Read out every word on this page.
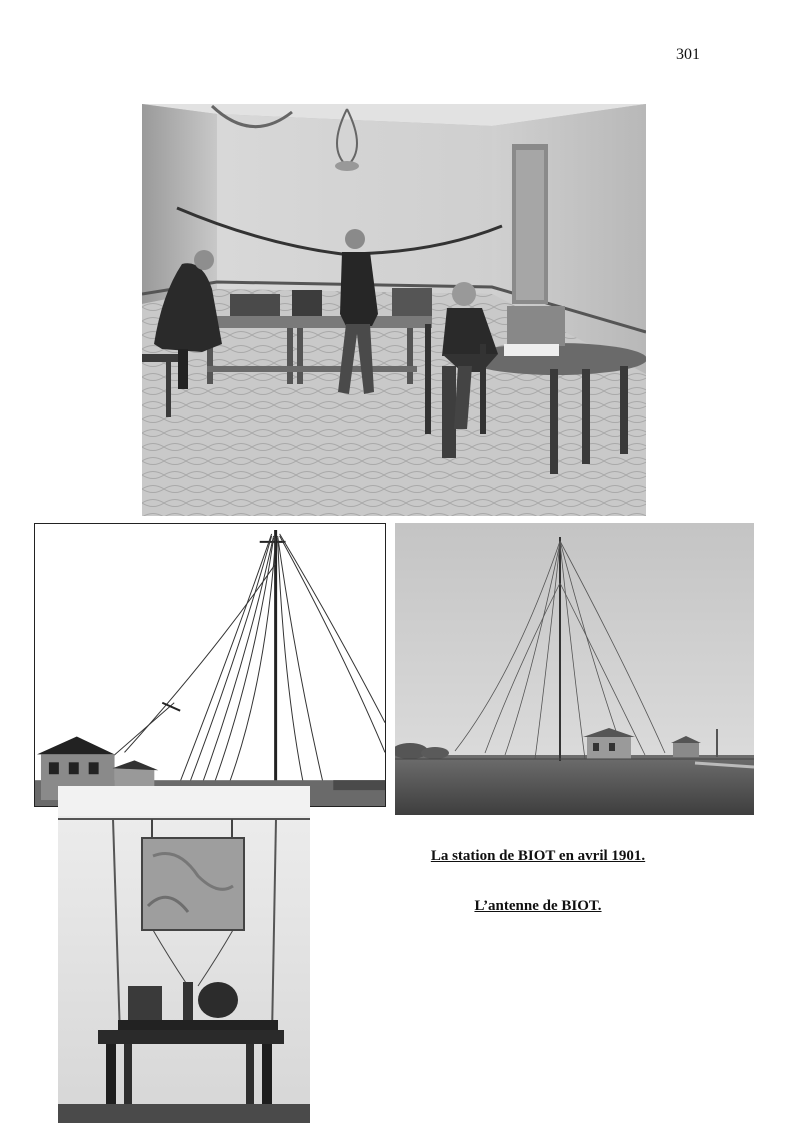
301
La station de BIOT en avril 1901.
L’antenne de BIOT.
